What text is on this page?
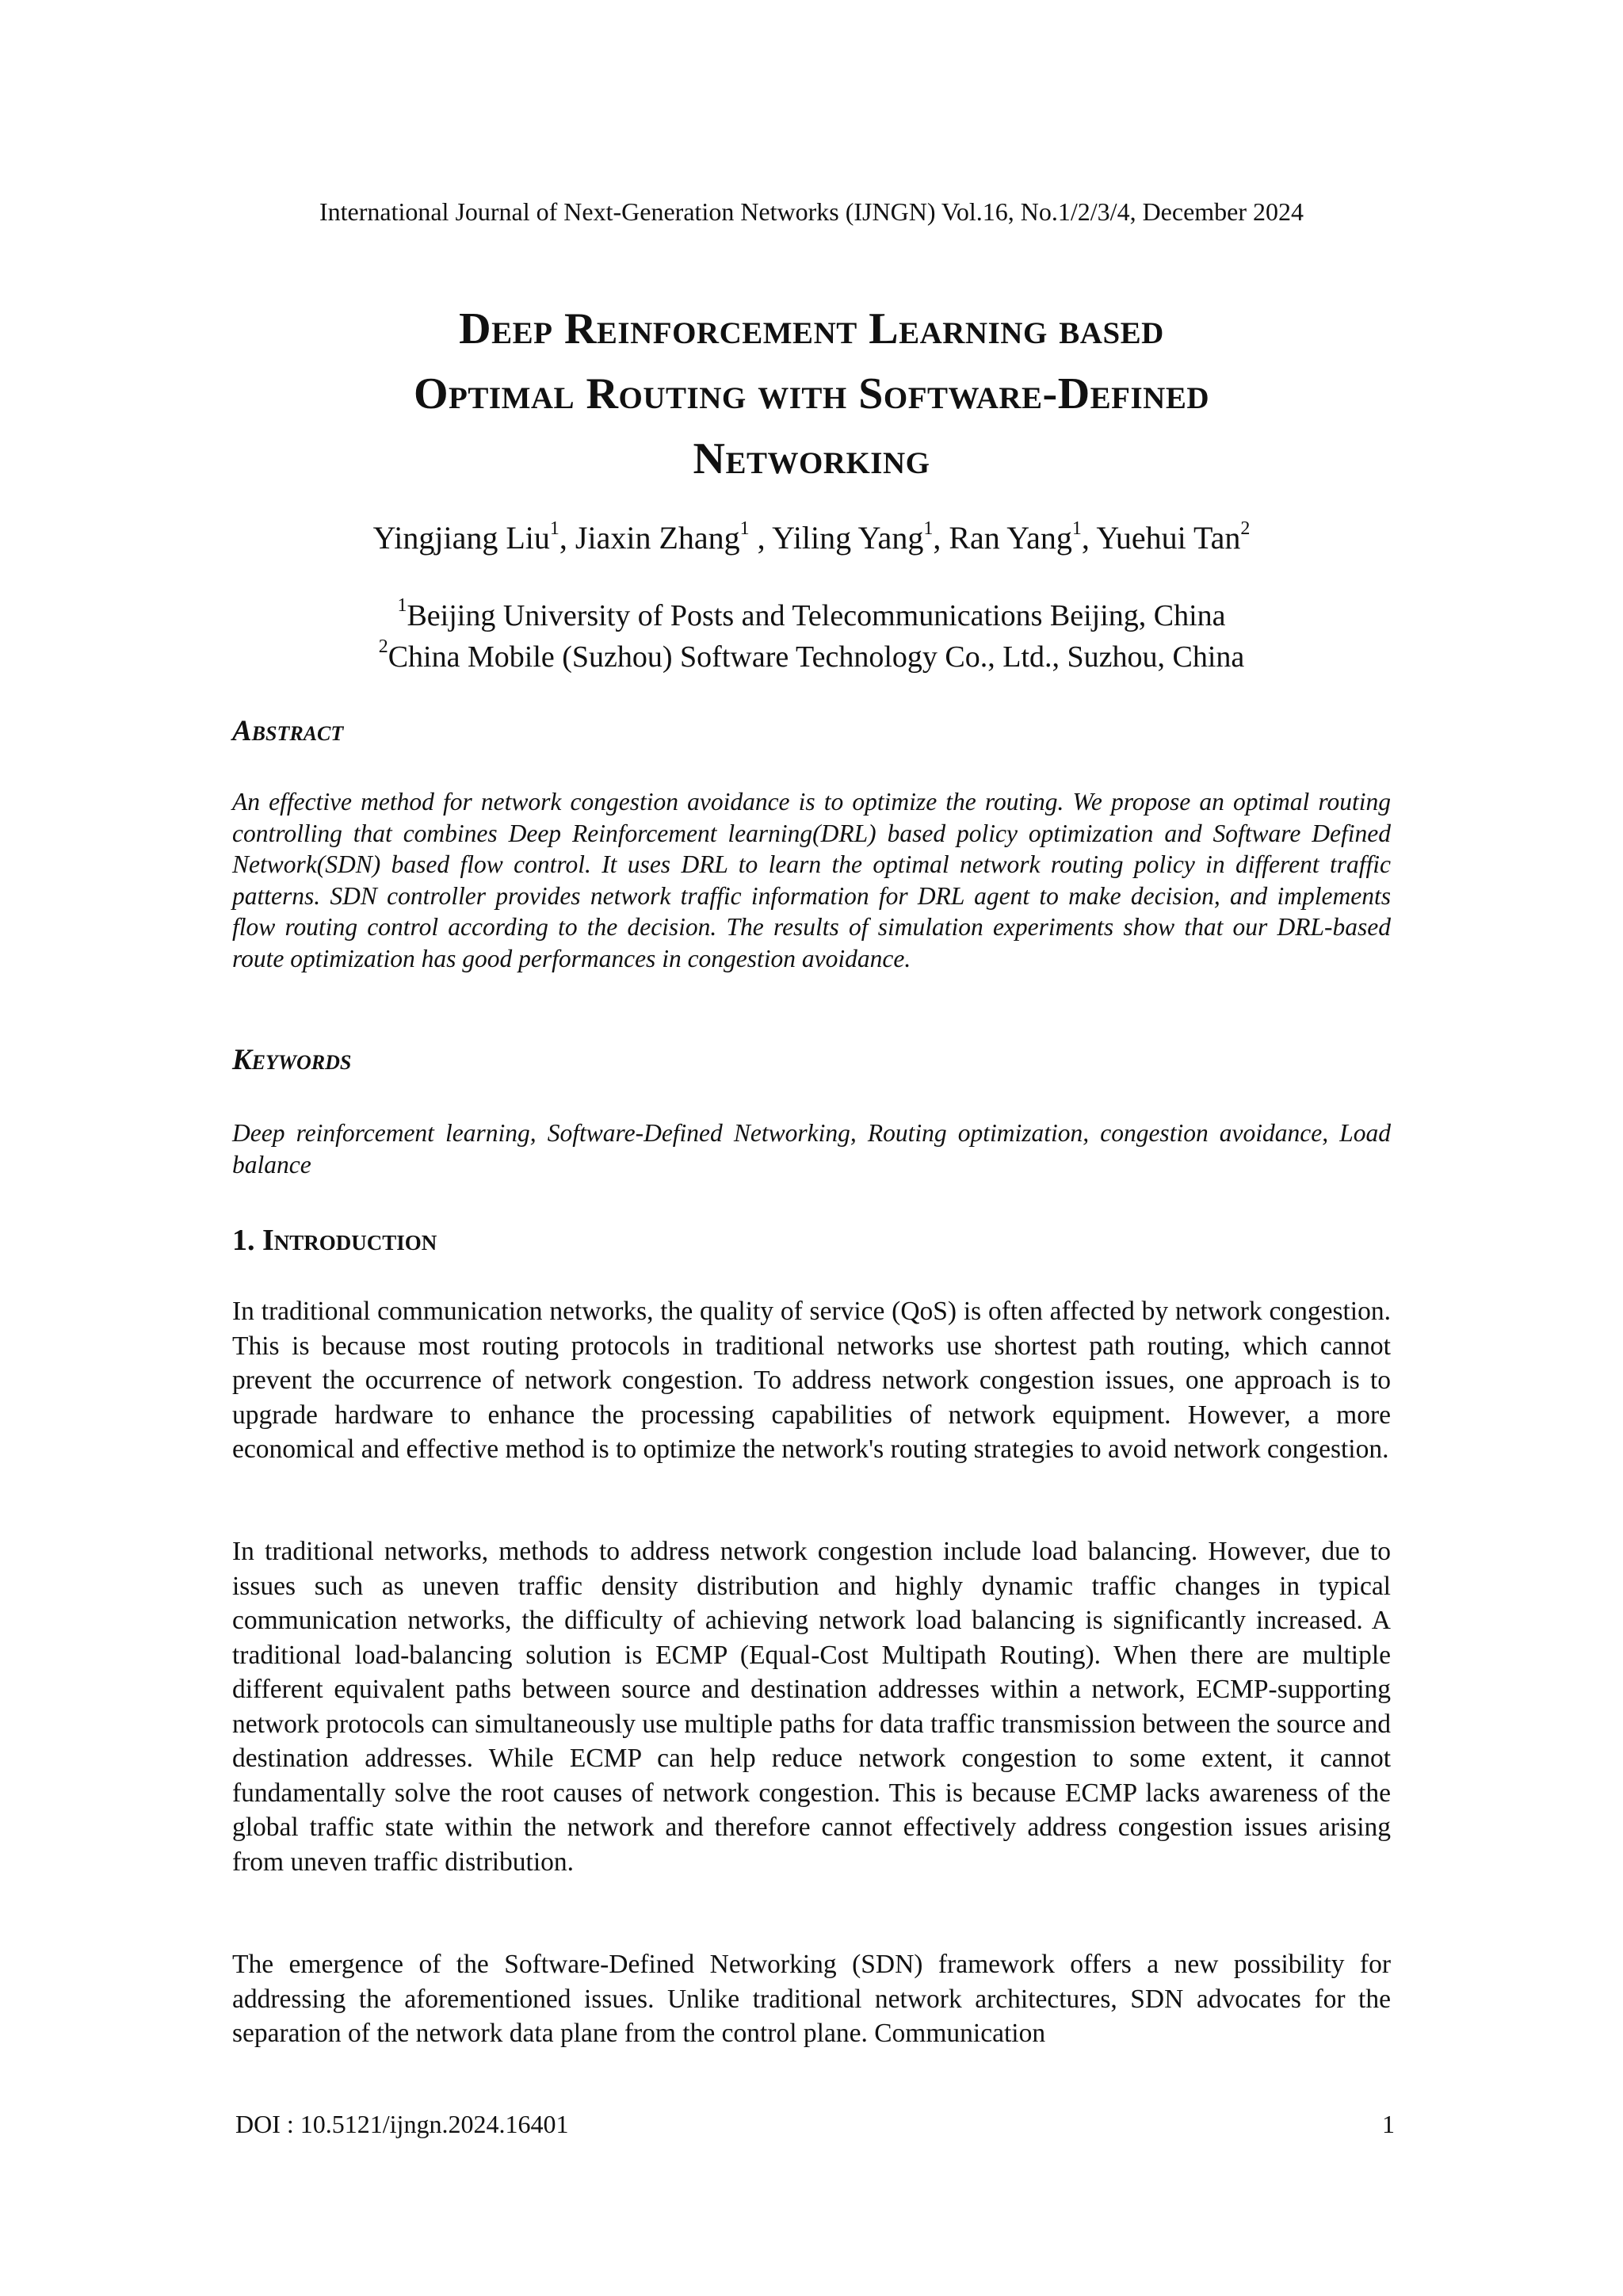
International Journal of Next-Generation Networks (IJNGN) Vol.16, No.1/2/3/4, December 2024
Deep Reinforcement Learning based
Optimal Routing with Software-Defined
Networking
Yingjiang Liu$^1$, Jiaxin Zhang$^1$ , Yiling Yang$^1$, Ran Yang$^1$, Yuehui Tan$^2$
$^1$Beijing University of Posts and Telecommunications Beijing, China
$^2$China Mobile (Suzhou) Software Technology Co., Ltd., Suzhou, China
Abstract
An effective method for network congestion avoidance is to optimize the routing. We propose an optimal routing controlling that combines Deep Reinforcement learning(DRL) based policy optimization and Software Defined Network(SDN) based flow control. It uses DRL to learn the optimal network routing policy in different traffic patterns. SDN controller provides network traffic information for DRL agent to make decision, and implements flow routing control according to the decision. The results of simulation experiments show that our DRL-based route optimization has good performances in congestion avoidance.
Keywords
Deep reinforcement learning, Software-Defined Networking, Routing optimization, congestion avoidance, Load balance
1. Introduction
In traditional communication networks, the quality of service (QoS) is often affected by network congestion. This is because most routing protocols in traditional networks use shortest path routing, which cannot prevent the occurrence of network congestion. To address network congestion issues, one approach is to upgrade hardware to enhance the processing capabilities of network equipment. However, a more economical and effective method is to optimize the network's routing strategies to avoid network congestion.
In traditional networks, methods to address network congestion include load balancing. However, due to issues such as uneven traffic density distribution and highly dynamic traffic changes in typical communication networks, the difficulty of achieving network load balancing is significantly increased. A traditional load-balancing solution is ECMP (Equal-Cost Multipath Routing). When there are multiple different equivalent paths between source and destination addresses within a network, ECMP-supporting network protocols can simultaneously use multiple paths for data traffic transmission between the source and destination addresses. While ECMP can help reduce network congestion to some extent, it cannot fundamentally solve the root causes of network congestion. This is because ECMP lacks awareness of the global traffic state within the network and therefore cannot effectively address congestion issues arising from uneven traffic distribution.
The emergence of the Software-Defined Networking (SDN) framework offers a new possibility for addressing the aforementioned issues. Unlike traditional network architectures, SDN advocates for the separation of the network data plane from the control plane. Communication
DOI : 10.5121/ijngn.2024.16401	1
